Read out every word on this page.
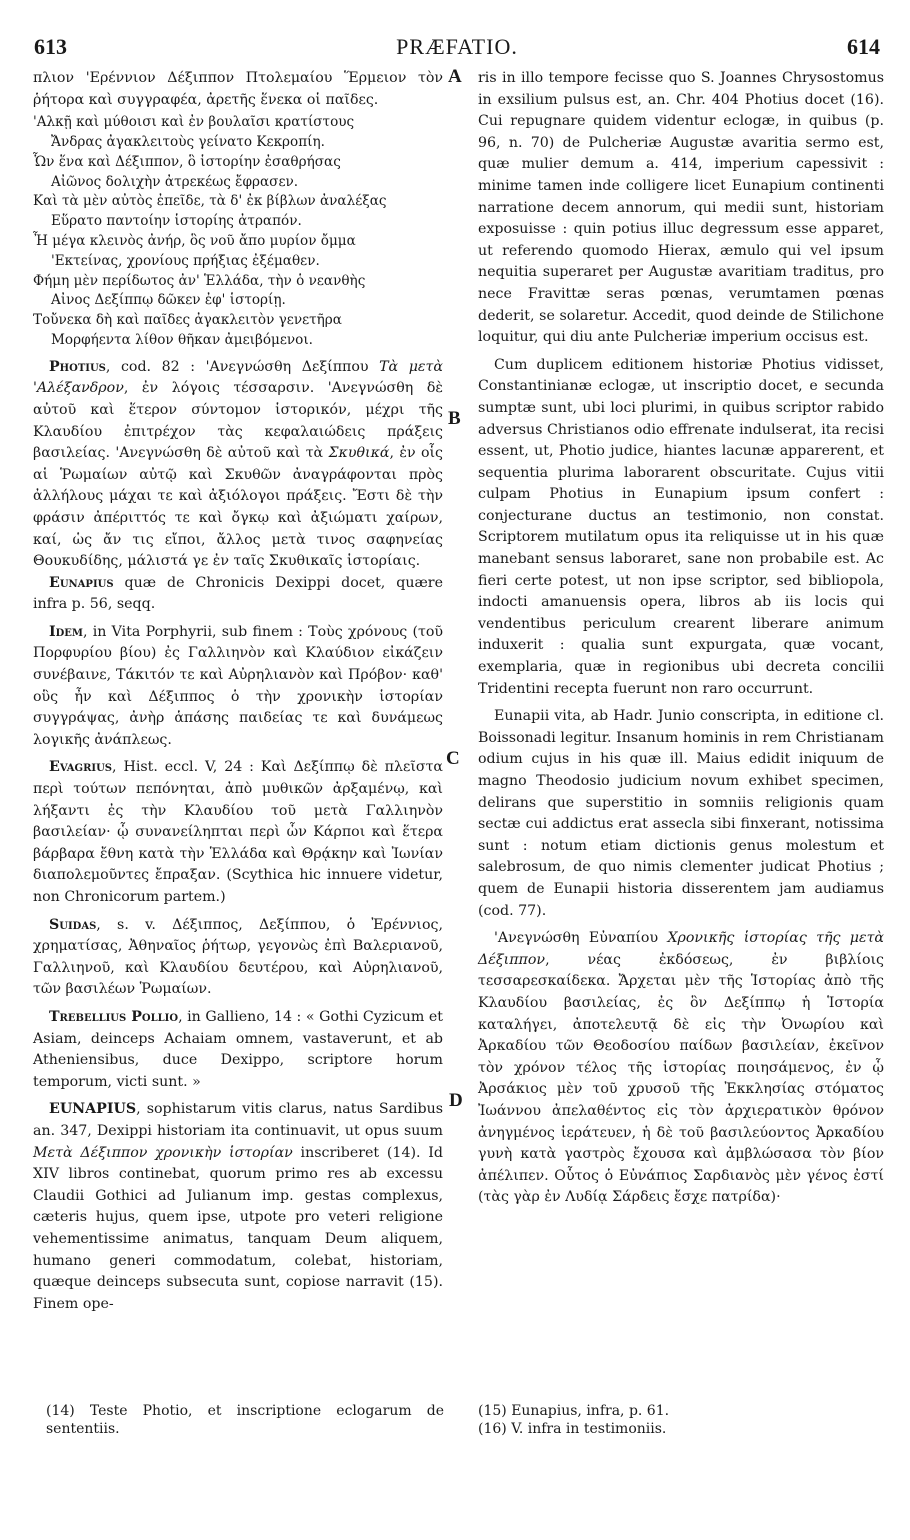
613	PRÆFATIO.	614
A
B
C
D

πλιον 'Ερέννιον Δέξιππον Πτολεμαίου Ἕρμειον τὸν ῥήτορα καὶ συγγραφέα, ἀρετῆς ἕνεκα οἱ παῖδες.

'Αλκῇ καὶ μύθοισι καὶ ἐν βουλαῖσι κρατίστους
Ἄνδρας ἀγακλειτοὺς γείνατο Κεκροπίη.
Ὧν ἕνα καὶ Δέξιππον, ὃ ἱστορίην ἐσαθρήσας
Αἰῶνος δολιχὴν ἀτρεκέως ἔφρασεν.
Καὶ τὰ μὲν αὐτὸς ἐπεῖδε, τὰ δ' ἐκ βίβλων ἀναλέξας
Εὕρατο παντοίην ἱστορίης ἀτραπόν.
Ἦ μέγα κλεινὸς ἀνήρ, ὃς νοῦ ἄπο μυρίον ὄμμα
'Εκτείνας, χρονίους πρήξιας ἐξέμαθεν.
Φήμη μὲν περίδωτος ἀν' Ἑλλάδα, τὴν ὁ νεανθὴς
Αἰνος Δεξίππῳ δῶκεν ἐφ' ἱστορίῃ.
Τοὔνεκα δὴ καὶ παῖδες ἀγακλειτὸν γενετῆρα
Μορφήεντα λίθον θῆκαν ἀμειβόμενοι.

Photius, cod. 82 : 'Ανεγνώσθη Δεξίππου Τὰ μετὰ 'Αλέξανδρον, ἐν λόγοις τέσσαρσιν. 'Ανεγνώσθη δὲ αὐτοῦ καὶ ἕτερον σύντομον ἱστορικόν, μέχρι τῆς Κλαυδίου ἐπιτρέχον τὰς κεφαλαιώδεις πράξεις βασιλείας. 'Ανεγνώσθη δὲ αὐτοῦ καὶ τὰ Σκυθικά, ἐν οἷς αἱ Ῥωμαίων αὐτῷ καὶ Σκυθῶν ἀναγράφονται πρὸς ἀλλήλους μάχαι τε καὶ ἀξιόλογοι πράξεις. Ἔστι δὲ τὴν φράσιν ἀπέριττός τε καὶ ὄγκῳ καὶ ἀξιώματι χαίρων, καί, ὡς ἄν τις εἴποι, ἄλλος μετὰ τινος σαφηνείας Θουκυδίδης, μάλιστά γε ἐν ταῖς Σκυθικαῖς ἱστορίαις.

Eunapius quæ de Chronicis Dexippi docet, quære infra p. 56, seqq.

Idem, in Vita Porphyrii, sub finem : Τοὺς χρόνους (τοῦ Πορφυρίου βίου) ἐς Γαλλιηνὸν καὶ Κλαύδιον εἰκάζειν συνέβαινε, Τάκιτόν τε καὶ Αὐρηλιανὸν καὶ Πρόβον· καθ' οὓς ἦν καὶ Δέξιππος ὁ τὴν χρονικὴν ἱστορίαν συγγράψας, ἀνὴρ ἁπάσης παιδείας τε καὶ δυνάμεως λογικῆς ἀνάπλεως.

Evagrius, Hist. eccl. V, 24 : Καὶ Δεξίππῳ δὲ πλεῖστα περὶ τούτων πεπόνηται, ἀπὸ μυθικῶν ἀρξαμένῳ, καὶ λήξαντι ἐς τὴν Κλαυδίου τοῦ μετὰ Γαλλιηνὸν βασιλείαν· ᾧ συνανείληπται περὶ ὧν Κάρποι καὶ ἕτερα βάρβαρα ἔθνη κατὰ τὴν Ἑλλάδα καὶ Θρᾴκην καὶ Ἰωνίαν διαπολεμοῦντες ἔπραξαν. (Scythica hic innuere videtur, non Chronicorum partem.)

Suidas, s. v. Δέξιππος, Δεξίππου, ὁ Ἐρέννιος, χρηματίσας, Ἀθηναῖος ῥήτωρ, γεγονὼς ἐπὶ Βαλεριανοῦ, Γαλλιηνοῦ, καὶ Κλαυδίου δευτέρου, καὶ Αὐρηλιανοῦ, τῶν βασιλέων Ῥωμαίων.

Trebellius Pollio, in Gallieno, 14 : « Gothi Cyzicum et Asiam, deinceps Achaiam omnem, vastaverunt, et ab Atheniensibus, duce Dexippo, scriptore horum temporum, victi sunt. »

EUNAPIUS, sophistarum vitis clarus, natus Sardibus an. 347, Dexippi historiam ita continuavit, ut opus suum Μετὰ Δέξιππον χρονικὴν ἱστορίαν inscriberet (14). Id XIV libros continebat, quorum primo res ab excessu Claudii Gothici ad Julianum imp. gestas complexus, cæteris hujus, quem ipse, utpote pro veteri religione vehementissime animatus, tanquam Deum aliquem, humano generi commodatum, colebat, historiam, quæque deinceps subsecuta sunt, copiose narravit (15). Finem ope-

ris in illo tempore fecisse quo S. Joannes Chrysostomus in exsilium pulsus est, an. Chr. 404 Photius docet (16). Cui repugnare quidem videntur eclogæ, in quibus (p. 96, n. 70) de Pulcheriæ Augustæ avaritia sermo est, quæ mulier demum a. 414, imperium capessivit : minime tamen inde colligere licet Eunapium continenti narratione decem annorum, qui medii sunt, historiam exposuisse : quin potius illuc degressum esse apparet, ut referendo quomodo Hierax, æmulo qui vel ipsum nequitia superaret per Augustæ avaritiam traditus, pro nece Fravittæ seras pœnas, verumtamen pœnas dederit, se solaretur. Accedit, quod deinde de Stilichone loquitur, qui diu ante Pulcheriæ imperium occisus est.

Cum duplicem editionem historiæ Photius vidisset, Constantinianæ eclogæ, ut inscriptio docet, e secunda sumptæ sunt, ubi loci plurimi, in quibus scriptor rabido adversus Christianos odio effrenate indulserat, ita recisi essent, ut, Photio judice, hiantes lacunæ apparerent, et sequentia plurima laborarent obscuritate. Cujus vitii culpam Photius in Eunapium ipsum confert : conjecturane ductus an testimonio, non constat. Scriptorem mutilatum opus ita reliquisse ut in his quæ manebant sensus laboraret, sane non probabile est. Ac fieri certe potest, ut non ipse scriptor, sed bibliopola, indocti amanuensis opera, libros ab iis locis qui vendentibus periculum crearent liberare animum induxerit : qualia sunt expurgata, quæ vocant, exemplaria, quæ in regionibus ubi decreta concilii Tridentini recepta fuerunt non raro occurrunt.

Eunapii vita, ab Hadr. Junio conscripta, in editione cl. Boissonadi legitur. Insanum hominis in rem Christianam odium cujus in his quæ ill. Maius edidit iniquum de magno Theodosio judicium novum exhibet specimen, delirans que superstitio in somniis religionis quam sectæ cui addictus erat assecla sibi finxerant, notissima sunt : notum etiam dictionis genus molestum et salebrosum, de quo nimis clementer judicat Photius ; quem de Eunapii historia disserentem jam audiamus (cod. 77).

'Ανεγνώσθη Εὐναπίου Χρονικῆς ἱστορίας τῆς μετὰ Δέξιππον, νέας ἐκδόσεως, ἐν βιβλίοις τεσσαρεσκαίδεκα. Ἄρχεται μὲν τῆς Ἱστορίας ἀπὸ τῆς Κλαυδίου βασιλείας, ἐς ὃν Δεξίππῳ ἡ Ἱστορία καταλήγει, ἀποτελευτᾷ δὲ εἰς τὴν Ὀνωρίου καὶ Ἀρκαδίου τῶν Θεοδοσίου παίδων βασιλείαν, ἐκεῖνον τὸν χρόνον τέλος τῆς ἱστορίας ποιησάμενος, ἐν ᾧ Ἀρσάκιος μὲν τοῦ χρυσοῦ τῆς Ἐκκλησίας στόματος Ἰωάννου ἀπελαθέντος εἰς τὸν ἀρχιερατικὸν θρόνον ἀνηγμένος ἱεράτευεν, ἡ δὲ τοῦ βασιλεύοντος Ἀρκαδίου γυνὴ κατὰ γαστρὸς ἔχουσα καὶ ἀμβλώσασα τὸν βίον ἀπέλιπεν. Οὗτος ὁ Εὐνάπιος Σαρδιανὸς μὲν γένος ἐστί (τὰς γὰρ ἐν Λυδίᾳ Σάρδεις ἔσχε πατρίδα)·

(14) Teste Photio, et inscriptione eclogarum de sententiis.
(15) Eunapius, infra, p. 61.
(16) V. infra in testimoniis.
